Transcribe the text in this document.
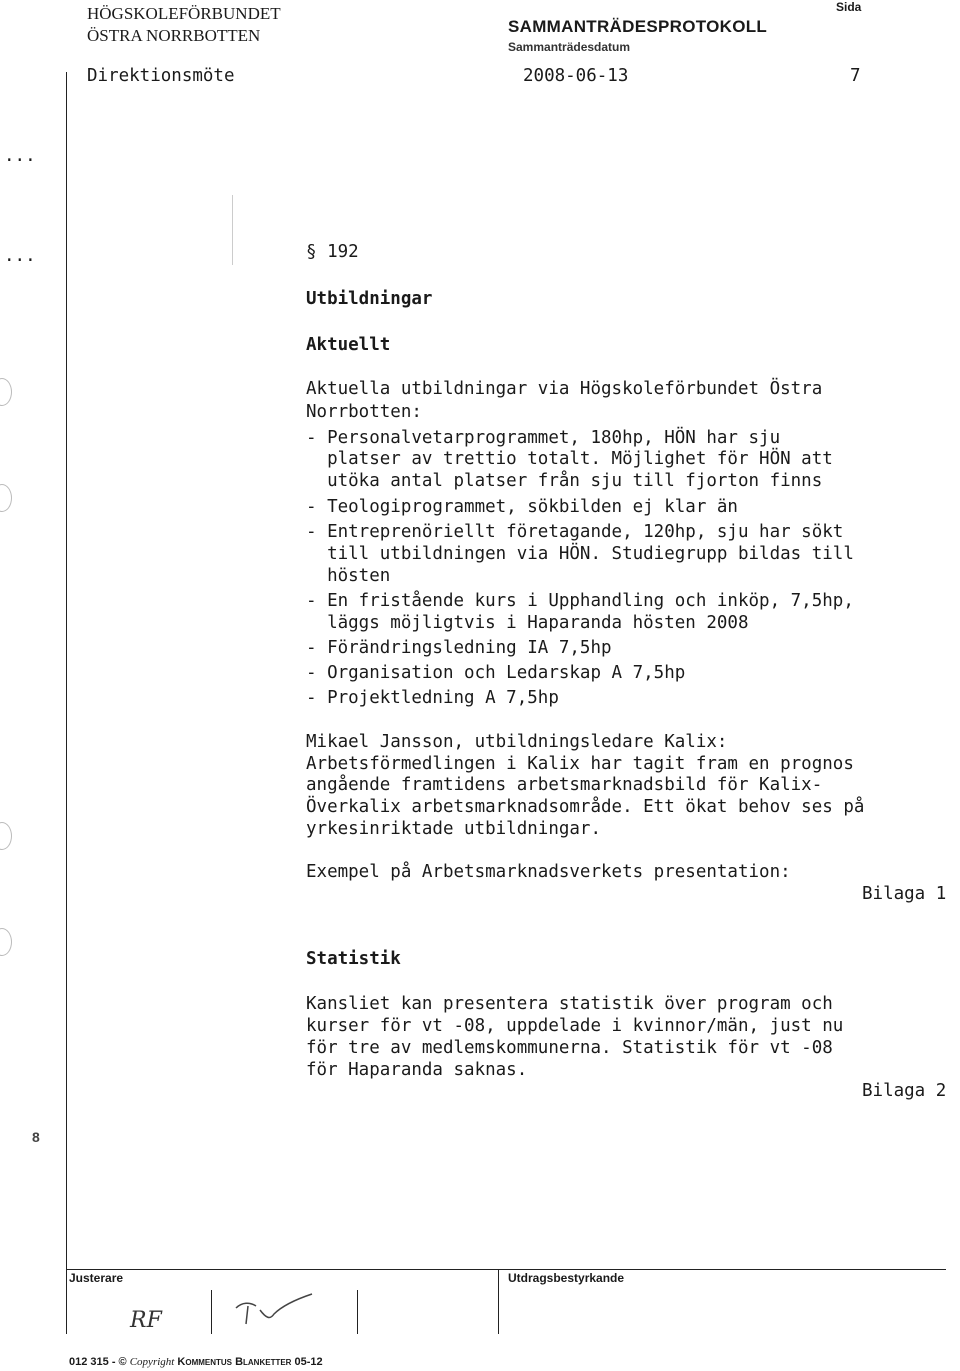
HÖGSKOLEFÖRBUNDET
ÖSTRA NORRBOTTEN	SAMMANTRÄDESPROTOKOLL
Sammanträdesdatum
Sida
Direktionsmöte	2008-06-13	7
...
...
8
§ 192
Utbildningar
Aktuellt
Aktuella utbildningar via Högskoleförbundet Östra
Norrbotten:
- Personalvetarprogrammet, 180hp, HÖN har sju
platser av trettio totalt. Möjlighet för HÖN att
utöka antal platser från sju till fjorton finns
- Teologiprogrammet, sökbilden ej klar än
- Entreprenöriellt företagande, 120hp, sju har sökt
till utbildningen via HÖN. Studiegrupp bildas till
hösten
- En fristående kurs i Upphandling och inköp, 7,5hp,
läggs möjligtvis i Haparanda hösten 2008
- Förändringsledning IA 7,5hp
- Organisation och Ledarskap A 7,5hp
- Projektledning A 7,5hp
Mikael Jansson, utbildningsledare Kalix:
Arbetsförmedlingen i Kalix har tagit fram en prognos
angående framtidens arbetsmarknadsbild för Kalix-
Överkalix arbetsmarknadsområde. Ett ökat behov ses på
yrkesinriktade utbildningar.
Exempel på Arbetsmarknadsverkets presentation:
Bilaga 1
Statistik
Kansliet kan presentera statistik över program och
kurser för vt -08, uppdelade i kvinnor/män, just nu
för tre av medlemskommunerna. Statistik för vt -08
för Haparanda saknas.
Bilaga 2
Justerare	Utdragsbestyrkande
RF
012 315 - © Copyright Kommentus Blanketter 05-12
